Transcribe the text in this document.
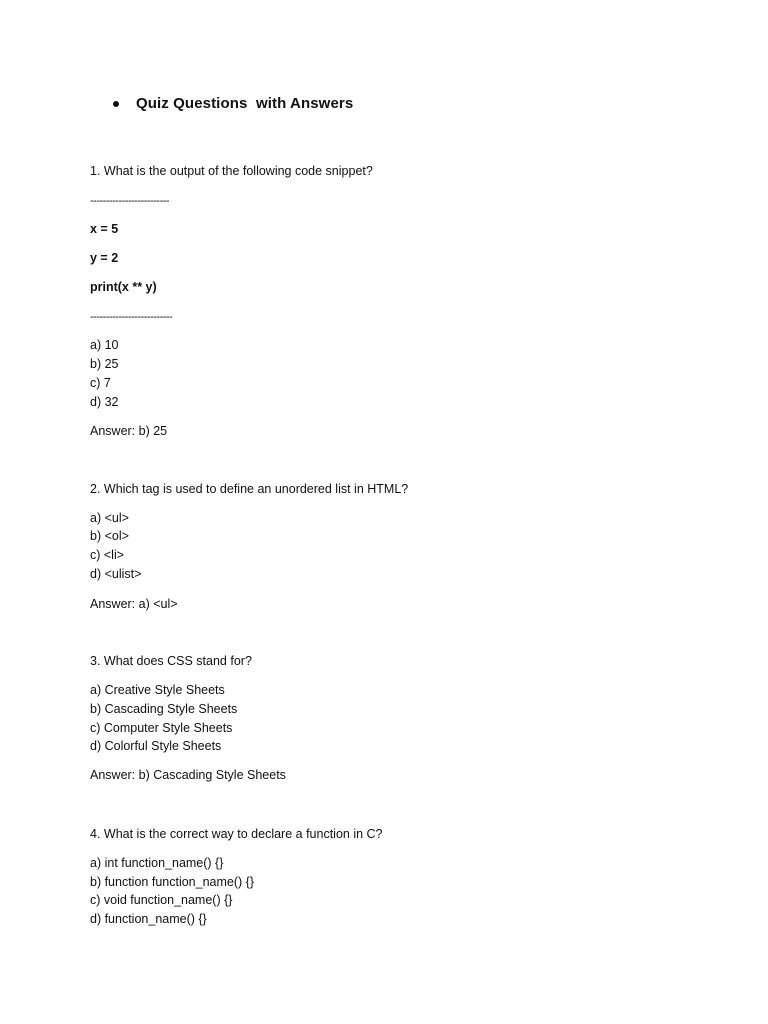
Quiz Questions  with Answers
1. What is the output of the following code snippet?
-------------------------
x = 5
y = 2
print(x ** y)
--------------------------
a) 10
b) 25
c) 7
d) 32
Answer: b) 25
2. Which tag is used to define an unordered list in HTML?
a) <ul>
b) <ol>
c) <li>
d) <ulist>
Answer: a) <ul>
3. What does CSS stand for?
a) Creative Style Sheets
b) Cascading Style Sheets
c) Computer Style Sheets
d) Colorful Style Sheets
Answer: b) Cascading Style Sheets
4. What is the correct way to declare a function in C?
a) int function_name() {}
b) function function_name() {}
c) void function_name() {}
d) function_name() {}
